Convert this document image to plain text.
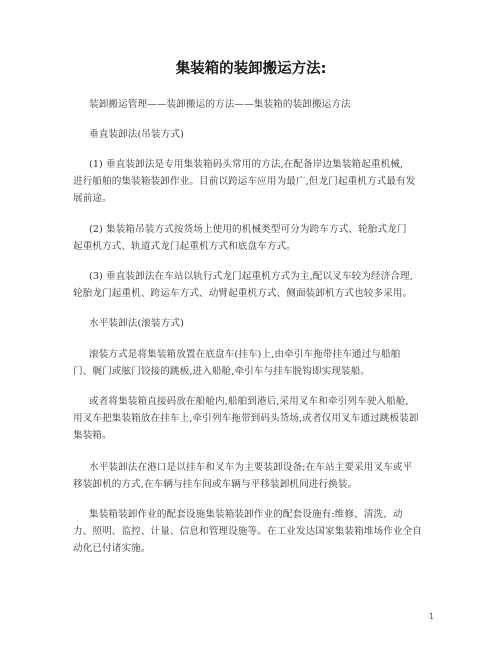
集装箱的装卸搬运方法:

装卸搬运管理——装卸搬运的方法——集装箱的装卸搬运方法

垂直装卸法(吊装方式)

(1) 垂直装卸法是专用集装箱码头常用的方法,在配备岸边集装箱起重机械,
进行船舶的集装箱装卸作业。目前以跨运车应用为最广,但龙门起重机方式最有发
展前途。

(2) 集装箱吊装方式按货场上使用的机械类型可分为跨车方式、轮胎式龙门
起重机方式、轨道式龙门起重机方式和底盘车方式。

(3) 垂直装卸法在车站以轨行式龙门起重机方式为主,配以叉车较为经济合理,
轮胎龙门起重机、跨运车方式、动臂起重机方式、侧面装卸机方式也较多采用。

水平装卸法(滚装方式)

滚装方式是将集装箱放置在底盘车(挂车)上,由牵引车拖带挂车通过与船舶
门、艉门或舷门铰接的跳板,进入船舱,牵引车与挂车脱钩即实现装船。

或者将集装箱直接码放在船舱内,船舶到港后,采用叉车和牵引列车驶入船舱,
用叉车把集装箱放在挂车上,牵引列车拖带到码头货场,或者仅用叉车通过跳板装卸
集装箱。

水平装卸法在港口是以挂车和叉车为主要装卸设备;在车站主要采用叉车或平
移装卸机的方式,在车辆与挂车间或车辆与平移装卸机间进行换装。

集装箱装卸作业的配套设施集装箱装卸作业的配套设施有:维修、清洗、动
力、照明、监控、计量、信息和管理设施等。在工业发达国家集装箱堆场作业全自
动化已付诸实施。

1
